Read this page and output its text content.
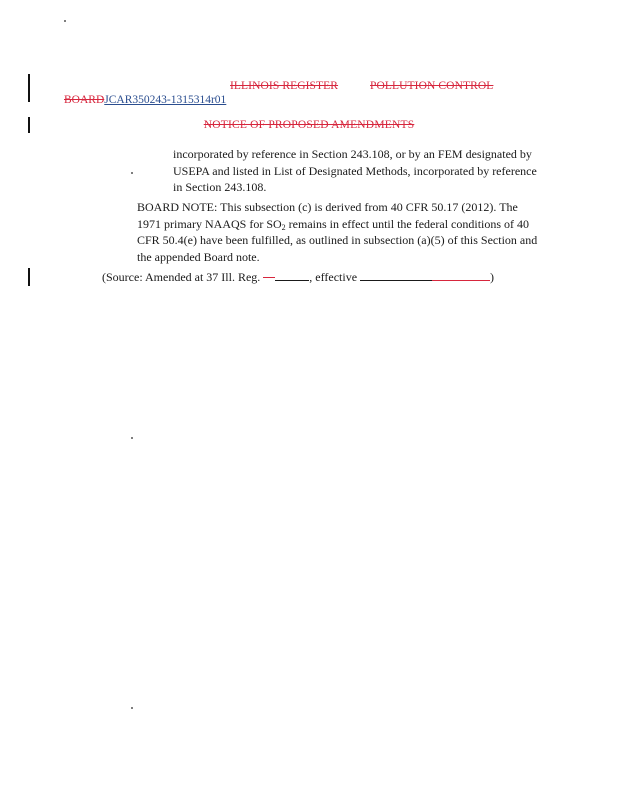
ILLINOIS REGISTER	POLLUTION CONTROL
BOARDJCAR350243-1315314r01
NOTICE OF PROPOSED AMENDMENTS
incorporated by reference in Section 243.108, or by an FEM designated by USEPA and listed in List of Designated Methods, incorporated by reference in Section 243.108.
BOARD NOTE: This subsection (c) is derived from 40 CFR 50.17 (2012). The 1971 primary NAAQS for $SO_2$ remains in effect until the federal conditions of 40 CFR 50.4(e) have been fulfilled, as outlined in subsection (a)(5) of this Section and the appended Board note.
(Source: Amended at 37 Ill. Reg.	, effective	)
